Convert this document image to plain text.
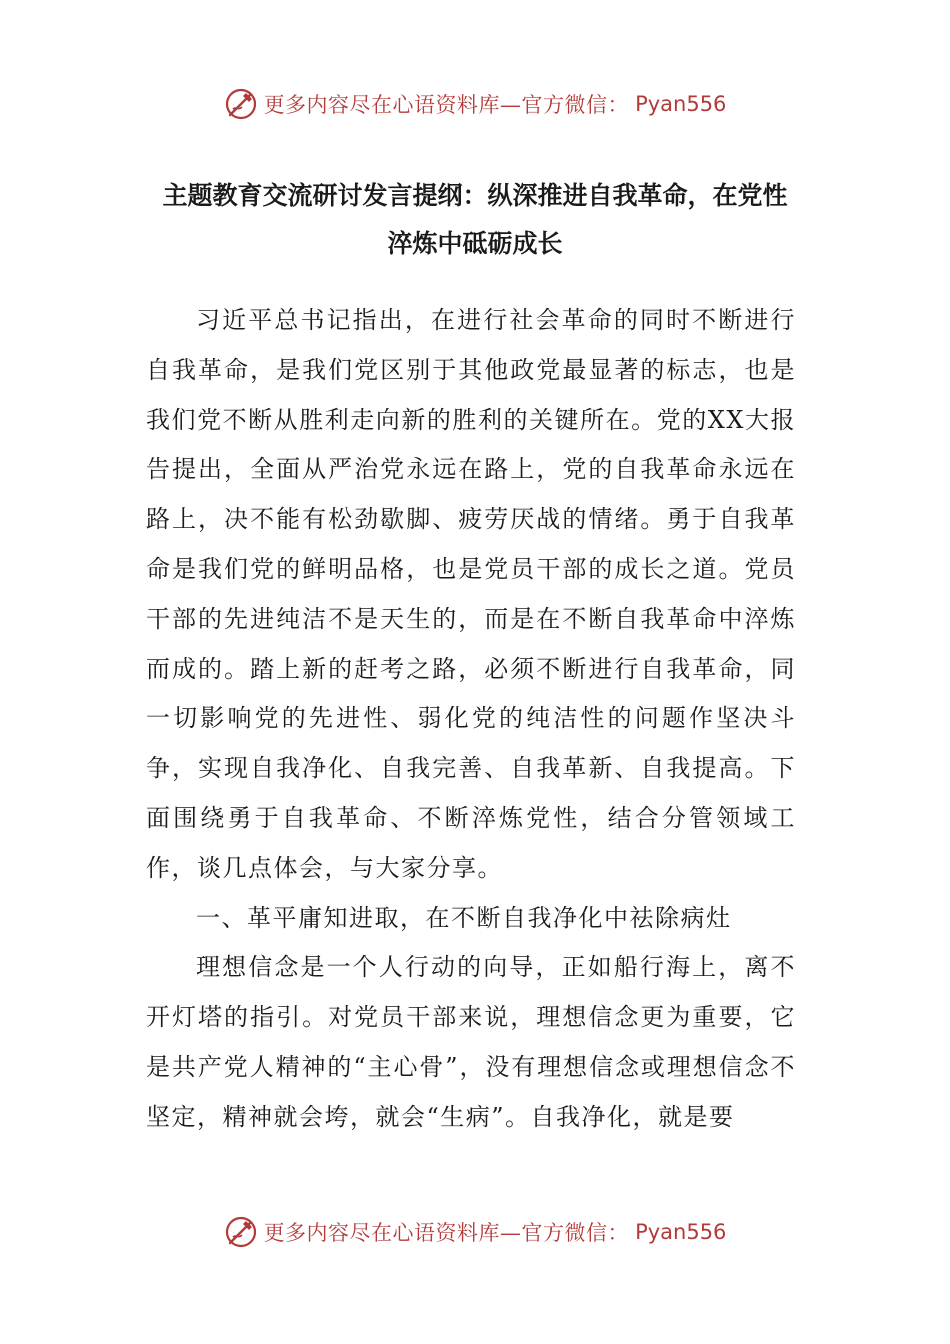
更多内容尽在心语资料库—官方微信： Pyan556
主题教育交流研讨发言提纲：纵深推进自我革命，在党性
淬炼中砥砺成长

习近平总书记指出，在进行社会革命的同时不断进行自我革命，是我们党区别于其他政党最显著的标志，也是我们党不断从胜利走向新的胜利的关键所在。党的XX大报告提出，全面从严治党永远在路上，党的自我革命永远在路上，决不能有松劲歇脚、疲劳厌战的情绪。勇于自我革命是我们党的鲜明品格，也是党员干部的成长之道。党员干部的先进纯洁不是天生的，而是在不断自我革命中淬炼而成的。踏上新的赶考之路，必须不断进行自我革命，同一切影响党的先进性、弱化党的纯洁性的问题作坚决斗争，实现自我净化、自我完善、自我革新、自我提高。下面围绕勇于自我革命、不断淬炼党性，结合分管领域工作，谈几点体会，与大家分享。

一、革平庸知进取，在不断自我净化中祛除病灶

理想信念是一个人行动的向导，正如船行海上，离不开灯塔的指引。对党员干部来说，理想信念更为重要，它是共产党人精神的“主心骨”，没有理想信念或理想信念不坚定，精神就会垮，就会“生病”。自我净化，就是要

更多内容尽在心语资料库—官方微信： Pyan556
